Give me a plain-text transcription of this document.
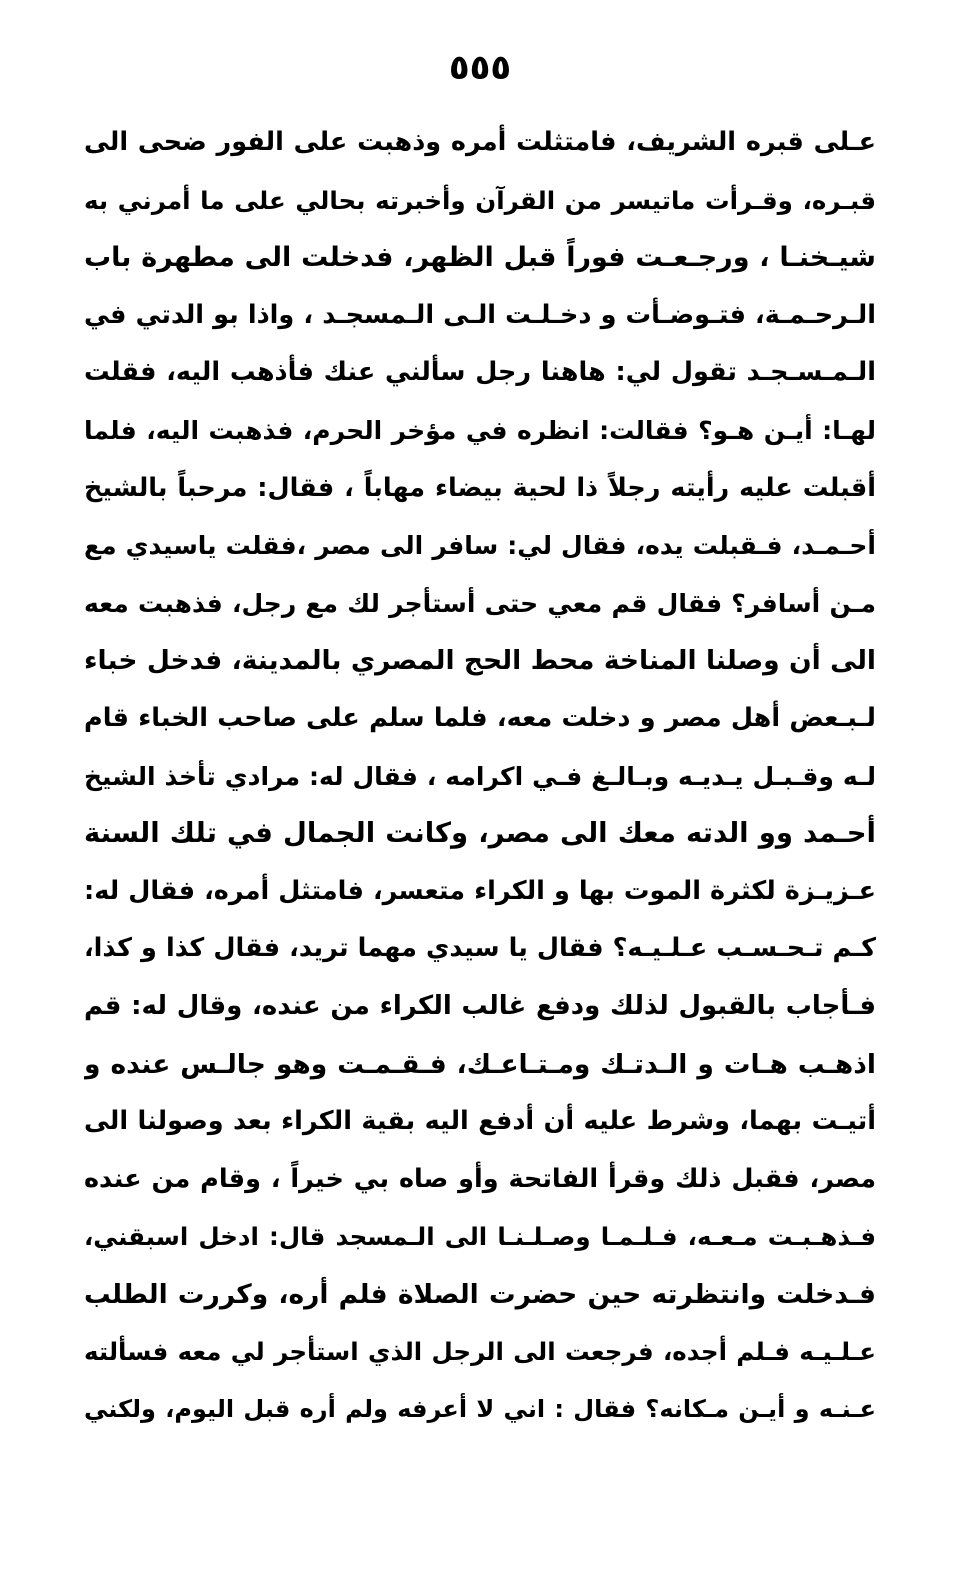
٥٥٥
عـلى قبره الشريف، فامتثلت أمره وذهبت على الفور ضحى الى
قبـره، وقـرأت ماتيسر من القرآن وأخبرته بحالي على ما أمرني به
شيـخنـا ، ورجـعـت فوراً قبل الظهر، فدخلت الى مطهرة باب
الـرحـمـة، فتـوضـأت و دخـلـت الـى الـمسجـد ، واذا بو الدتي في
الـمـسـجـد تقول لي: هاهنا رجل سألني عنك فأذهب اليه، فقلت
لهـا: أيـن هـو؟ فقالت: انظره في مؤخر الحرم، فذهبت اليه، فلما
أقبلت عليه رأيته رجلاً ذا لحية بيضاء مهاباً ، فقال: مرحباً بالشيخ
أحـمـد، فـقبلت يده، فقال لي: سافر الى مصر ،فقلت ياسيدي مع
مـن أسافر؟ فقال قم معي حتى أستأجر لك مع رجل، فذهبت معه
الى أن وصلنا المناخة محط الحج المصري بالمدينة، فدخل خباء
لـبـعض أهل مصر و دخلت معه، فلما سلم على صاحب الخباء قام
لـه وقـبـل يـديـه وبـالـغ فـي اكرامه ، فقال له: مرادي تأخذ الشيخ
أحـمد وو الدته معك الى مصر، وكانت الجمال في تلك السنة
عـزيـزة لكثرة الموت بها و الكراء متعسر، فامتثل أمره، فقال له:
كـم تـحـسـب عـلـيـه؟ فقال يا سيدي مهما تريد، فقال كذا و كذا،
فـأجاب بالقبول لذلك ودفع غالب الكراء من عنده، وقال له: قم
اذهـب هـات و الـدتـك ومـتـاعـك، فـقـمـت وهو جالـس عنده و
أتيـت بهما، وشرط عليه أن أدفع اليه بقية الكراء بعد وصولنا الى
مصر، فقبل ذلك وقرأ الفاتحة وأو صاه بي خيراً ، وقام من عنده
فـذهـبـت مـعـه، فـلـمـا وصـلـنـا الى الـمسجد قال: ادخل اسبقني،
فـدخلت وانتظرته حين حضرت الصلاة فلم أره، وكررت الطلب
عـلـيـه فـلم أجده، فرجعت الى الرجل الذي استأجر لي معه فسألته
عـنـه و أيـن مـكانه؟ فقال : اني لا أعرفه ولم أره قبل اليوم، ولكني
